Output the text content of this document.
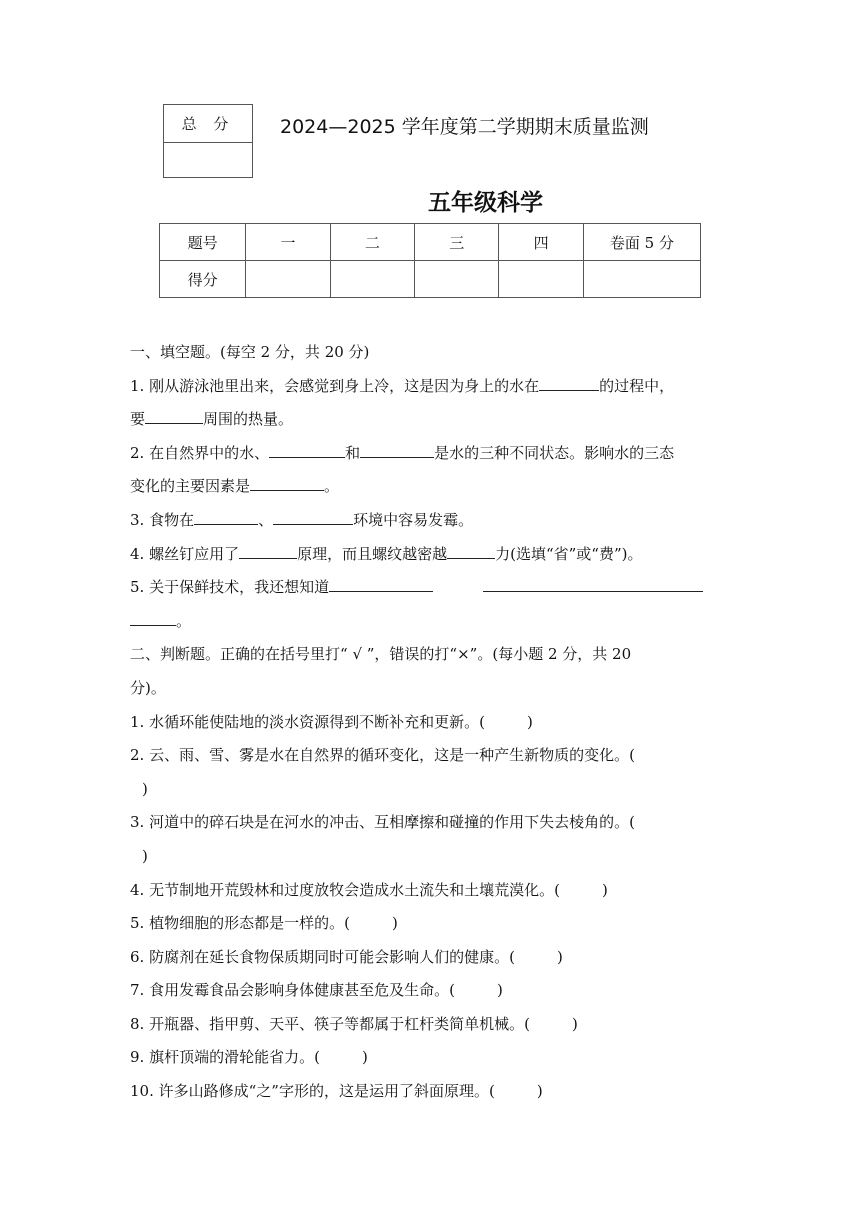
总 分	2024—2025 学年度第二学期期末质量监测
五年级科学
题号	一	二	三	四	卷面 5 分
得分					
一、填空题。(每空 2 分，共 20 分)
1. 刚从游泳池里出来，会感觉到身上冷，这是因为身上的水在	的过程中，
要	周围的热量。
2. 在自然界中的水、	和	是水的三种不同状态。影响水的三态
变化的主要因素是	。
3. 食物在	、	环境中容易发霉。
4. 螺丝钉应用了	原理，而且螺纹越密越	力(选填“省”或“费”)。
5. 关于保鲜技术，我还想知道
。
二、判断题。正确的在括号里打“ √ ”，错误的打“×”。(每小题 2 分，共 20
分)。
1. 水循环能使陆地的淡水资源得到不断补充和更新。(	)
2. 云、雨、雪、雾是水在自然界的循环变化，这是一种产生新物质的变化。(
)
3. 河道中的碎石块是在河水的冲击、互相摩擦和碰撞的作用下失去棱角的。(
)
4. 无节制地开荒毁林和过度放牧会造成水土流失和土壤荒漠化。(	)
5. 植物细胞的形态都是一样的。(	)
6. 防腐剂在延长食物保质期同时可能会影响人们的健康。(	)
7. 食用发霉食品会影响身体健康甚至危及生命。(	)
8. 开瓶器、指甲剪、天平、筷子等都属于杠杆类简单机械。(	)
9. 旗杆顶端的滑轮能省力。(	)
10. 许多山路修成“之”字形的，这是运用了斜面原理。(	)
